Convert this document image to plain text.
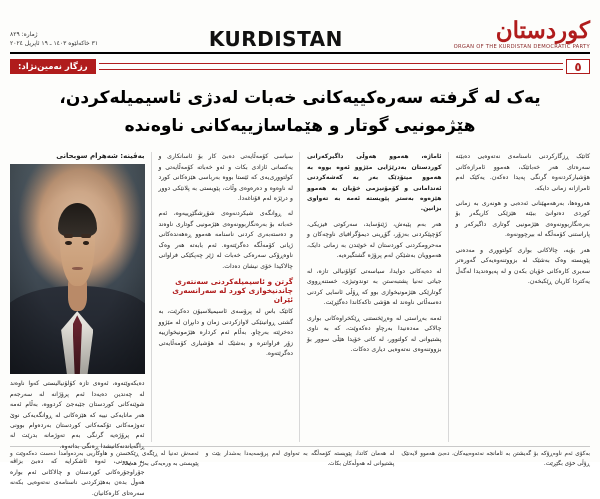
کوردستان
ORGAN OF THE KURDISTAN DEMOCRATIC PARTY
KURDISTAN
ژمارە: ٨٢٩
٣١ خاکەلێوە ١٤٠٣ ـ ١٩ ئاپریل ٢٠٢٤
٥
رزگار نەمین‌نژاد:
یەک لە گرفتە سەرەکییەکانی خەبات لەدژی ئاسیمیلەکردن،
هێژمونیی گوتار و هێماسازییەکانی ناوەندە

کاتێک ڕزگارکردنی ناسنامەی نەتەوەیی دەبێتە سەرەتای هەر خەباتێک، هەموو ئامرازەکانی هۆشیارکردنەوە گرنگی پەیدا دەکەن. یەکێک لەم ئامرازانە زمانی دایکە.

هەروەها، بەرهەمهێنانی ئەدەبی و هونەری بە زمانی کوردی دەتوانێ ببێتە هێزێکی کاریگەر بۆ بەرەنگاربوونەوەی هێژمونیی گوتاری داگیرکەر و پاراستنی کۆمەڵگە لە بیرچوونەوە.

هەر بۆیە، چالاکانی بواری کولتووری و مەدەنی پێویستە وەک بەشێک لە بزووتنەوەیەکی گەورەتر سەیری کارەکانی خۆیان بکەن و لە پەیوەندیدا لەگەڵ یەکتردا کاریان ڕێکبخەن.

ئاماژە، هەموو هەوڵی داگیرکەرانی کوردستان بەدرێژایی مێژوو ئەوە بووە بە هەموو میتۆدێک بەر بە کەشەکردنی ئەندامانی و کۆمۆنیزمی خۆیان بە هەموو هێزەوە بەستر پێویستە ئەمە بە تەواوی بزانین.

هەر بەم پێیەش، ژێنۆساید، سەرکوتی فیزیکی، کۆچپێکردنی بەزۆر، گۆڕینی دیمۆگرافیای ناوچەکان و مەحرومکردنی کوردستان لە خوێندن بە زمانی دایک، هەموویان بەشێکن لەم پرۆژە گشتگیرەیە.

لە دەیەکانی دوایدا، سیاسەتی کۆلۆنیالی تازە، لە جیاتی تەنیا پشتبەستن بە توندوتیژی، خستنەڕووی گوتارێکی هێژمونیخوازی بوو کە ڕۆڵی ئاسایی کردنی دەسەڵاتی ناوەند لە هۆشی تاکەکاندا دەگێڕێت.

ئەمە بەڕاستی لە وەڕێخستنی ڕێکخراوەکانی بواری چالاکی مەدەنیدا بەرچاو دەکەوێت، کە بە ناوی پشتیوانی لە کولتوور، لە کاتی خۆیدا هێڵی سوور بۆ بزووتنەوەی نەتەوەیی دیاری دەکات.

سیاسی کۆمەڵایەتی دەبێ کار بۆ ئاسانکاری و یەکسانی ئازادی بکات و ئەو خەباتە کۆمەڵایەتی و کولتووری‌یەی کە ئێستا بووە بەرباسی هێزەکانی کورد لە ناوەوە و دەرەوەی وڵات، پێویستی بە پلانێکی دوور و درێژە لەم قۆناغەدا.

لە ڕوانگەی شیکردنەوەی شۆڕشگێڕییەوە، ئەم خەباتە بۆ بەرەنگاربوونەوەی هێژمونیی گوتاری ناوەند و دەستەبەری کردنی ناسنامە هەموو ڕەهەندەکانی ژیانی کۆمەڵگە دەگرێتەوە. ئەم بابەتە هەر وەک ناوەڕۆکی سەرەکی خەبات لە ژێر چەپکێکی فراوانی چالاکیدا خۆی نیشان دەدات.

گرتن و ئاسیمیلەکردنی سەنتەری چاندنیخوازی کورد لە سەرانسەری ئێران

کاتێک باس لە پرۆسەی ئاسیمیلاسیۆن دەکرێت، بە گشتی ڕوانینێکی لاوازکردنی زمان و دابڕان لە مێژوو دەخرێتە بەرچاو. بەڵام ئەم کردارە هێژمونیخوازییە زۆر فراوانترە و بەشێک لە هۆشیاری کۆمەڵایەتی دەگرێتەوە.

بەڤینە: شەهرام سوبحانی

دەیکەوێتەوە، ئەوەی تازە کۆلۆنیالیستی کەوا ناوەند لە چەندین دەیەدا ئەم پرۆژانە لە سەرجەم شوێنەکانی کوردستان جێبەجێ کردووە، بەڵام ئەمە هەر مانایەکی نییە کە هێزەکانی لە ڕوانگەیەکی نوێ تەوژمەکانی تۆکمەکانی کوردستان بەردەوام بوونی ئەم پرۆژەیە گرنگی بەم تەوژمانە بدرێت لە ڕاگەیاندنەکانیشدا ڕەنگی بداتەوە.

بە ڕوونی، ئەوە ئاشکرایە کە دەبێ بزاڤە جۆراوجۆرەکانی کوردستان و چالاکانی ئەم بوارە هەوڵ بدەن بەهێزکردنی ناسنامەی نەتەوەیی بکەنە سەرەتای کارەکانیان.

بەکۆی ئەم ناوەڕۆکە بۆ گەیشتن بە ئامانجە نەتەوەییەکان، دەبێ هەموو لایەنێک ڕۆڵی خۆی بگێڕێت.

لە هەمان کاتدا، پێویستە کۆمەڵگە بە تەواوی لەم پرۆسەیەدا بەشدار بێت و پشتیوانی لە هەوڵەکان بکات.

ئەمەش تەنیا لە ڕێگەی ڕێکخستن و هاوکاریی بەردەوامدا دەست دەکەوێت و پێویستی بە ورەیەکی بەرز هەیە.
